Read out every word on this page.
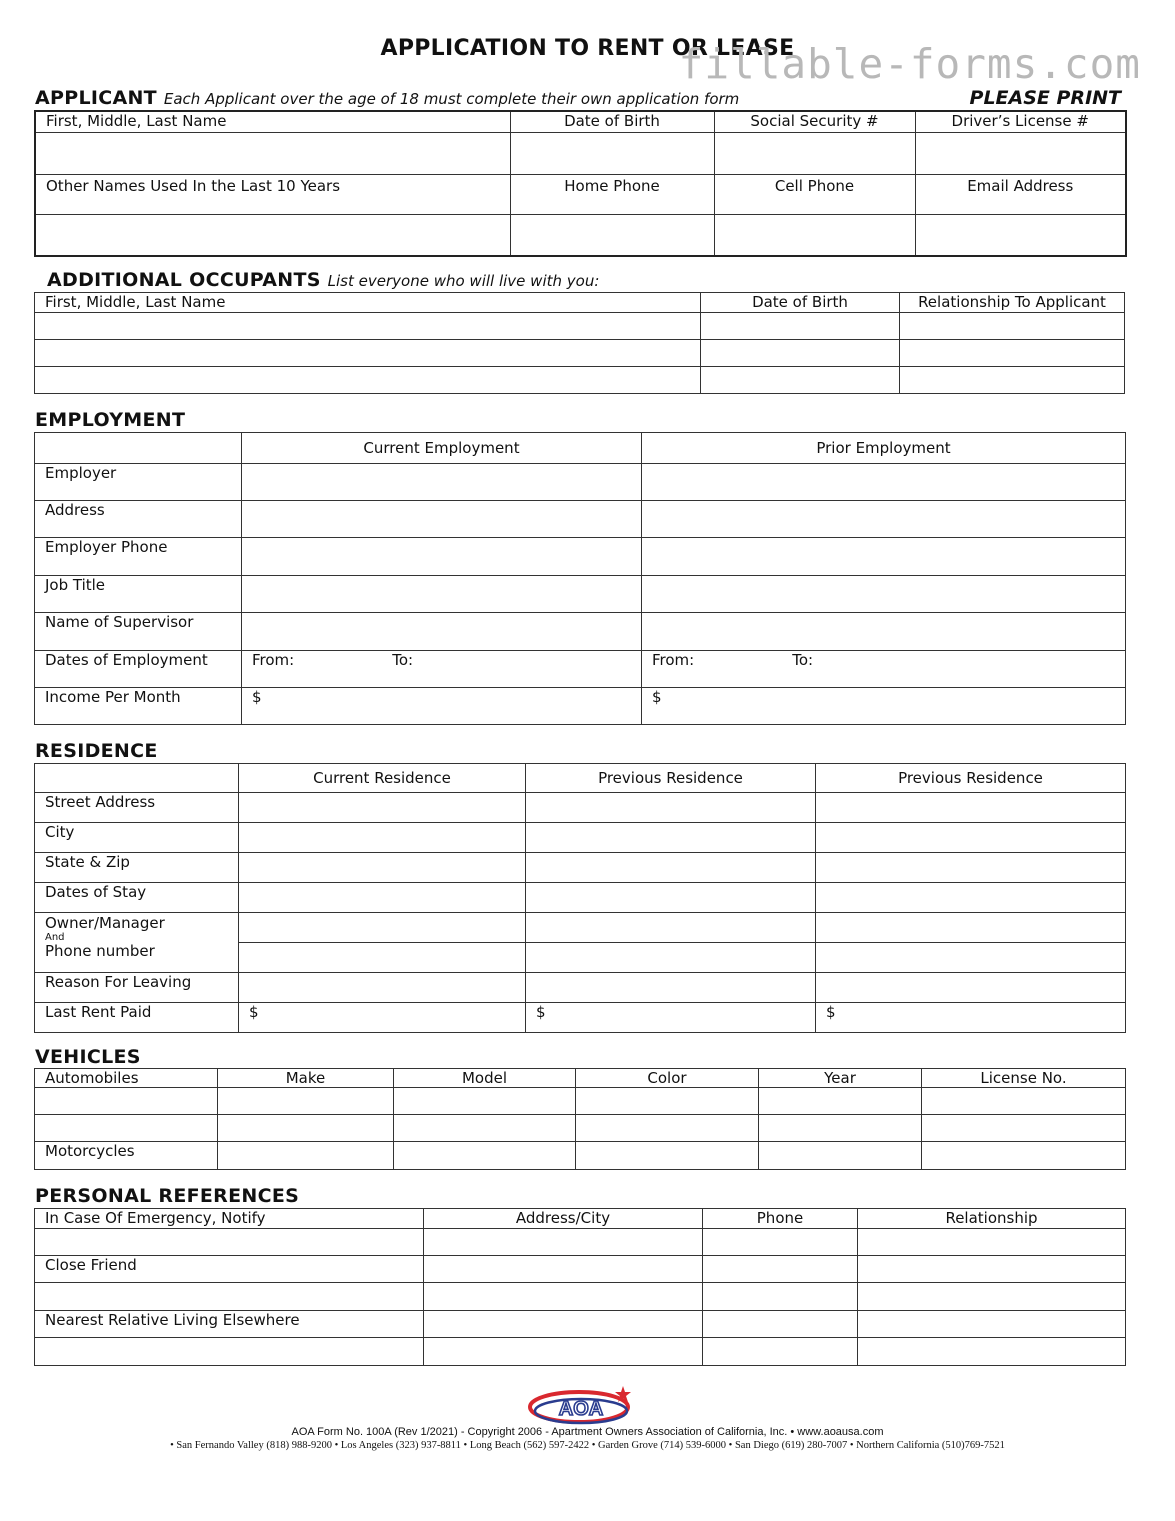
APPLICATION TO RENT OR LEASE
fillable-forms.com
APPLICANT Each Applicant over the age of 18 must complete their own application form	PLEASE PRINT
First, Middle, Last Name	Date of Birth	Social Security #	Driver’s License #

Other Names Used In the Last 10 Years	Home Phone	Cell Phone	Email Address

ADDITIONAL OCCUPANTS List everyone who will live with you:
First, Middle, Last Name	Date of Birth	Relationship To Applicant

EMPLOYMENT
	Current Employment	Prior Employment
Employer		
Address		
Employer Phone		
Job Title		
Name of Supervisor		
Dates of Employment	From: To:	From: To:
Income Per Month	$	$
RESIDENCE
	Current Residence	Previous Residence	Previous Residence
Street Address			
City			
State & Zip			
Dates of Stay			
Owner/Manager
And
Phone number			

Reason For Leaving			
Last Rent Paid	$	$	$
VEHICLES
Automobiles	Make	Model	Color	Year	License No.

Motorcycles					
PERSONAL REFERENCES
In Case Of Emergency, Notify	Address/City	Phone	Relationship

Close Friend			

Nearest Relative Living Elsewhere			

AOA
AOA Form No. 100A (Rev 1/2021) - Copyright 2006 - Apartment Owners Association of California, Inc. • www.aoausa.com
• San Fernando Valley (818) 988-9200 • Los Angeles (323) 937-8811 • Long Beach (562) 597-2422 • Garden Grove (714) 539-6000 • San Diego (619) 280-7007 • Northern California (510)769-7521
